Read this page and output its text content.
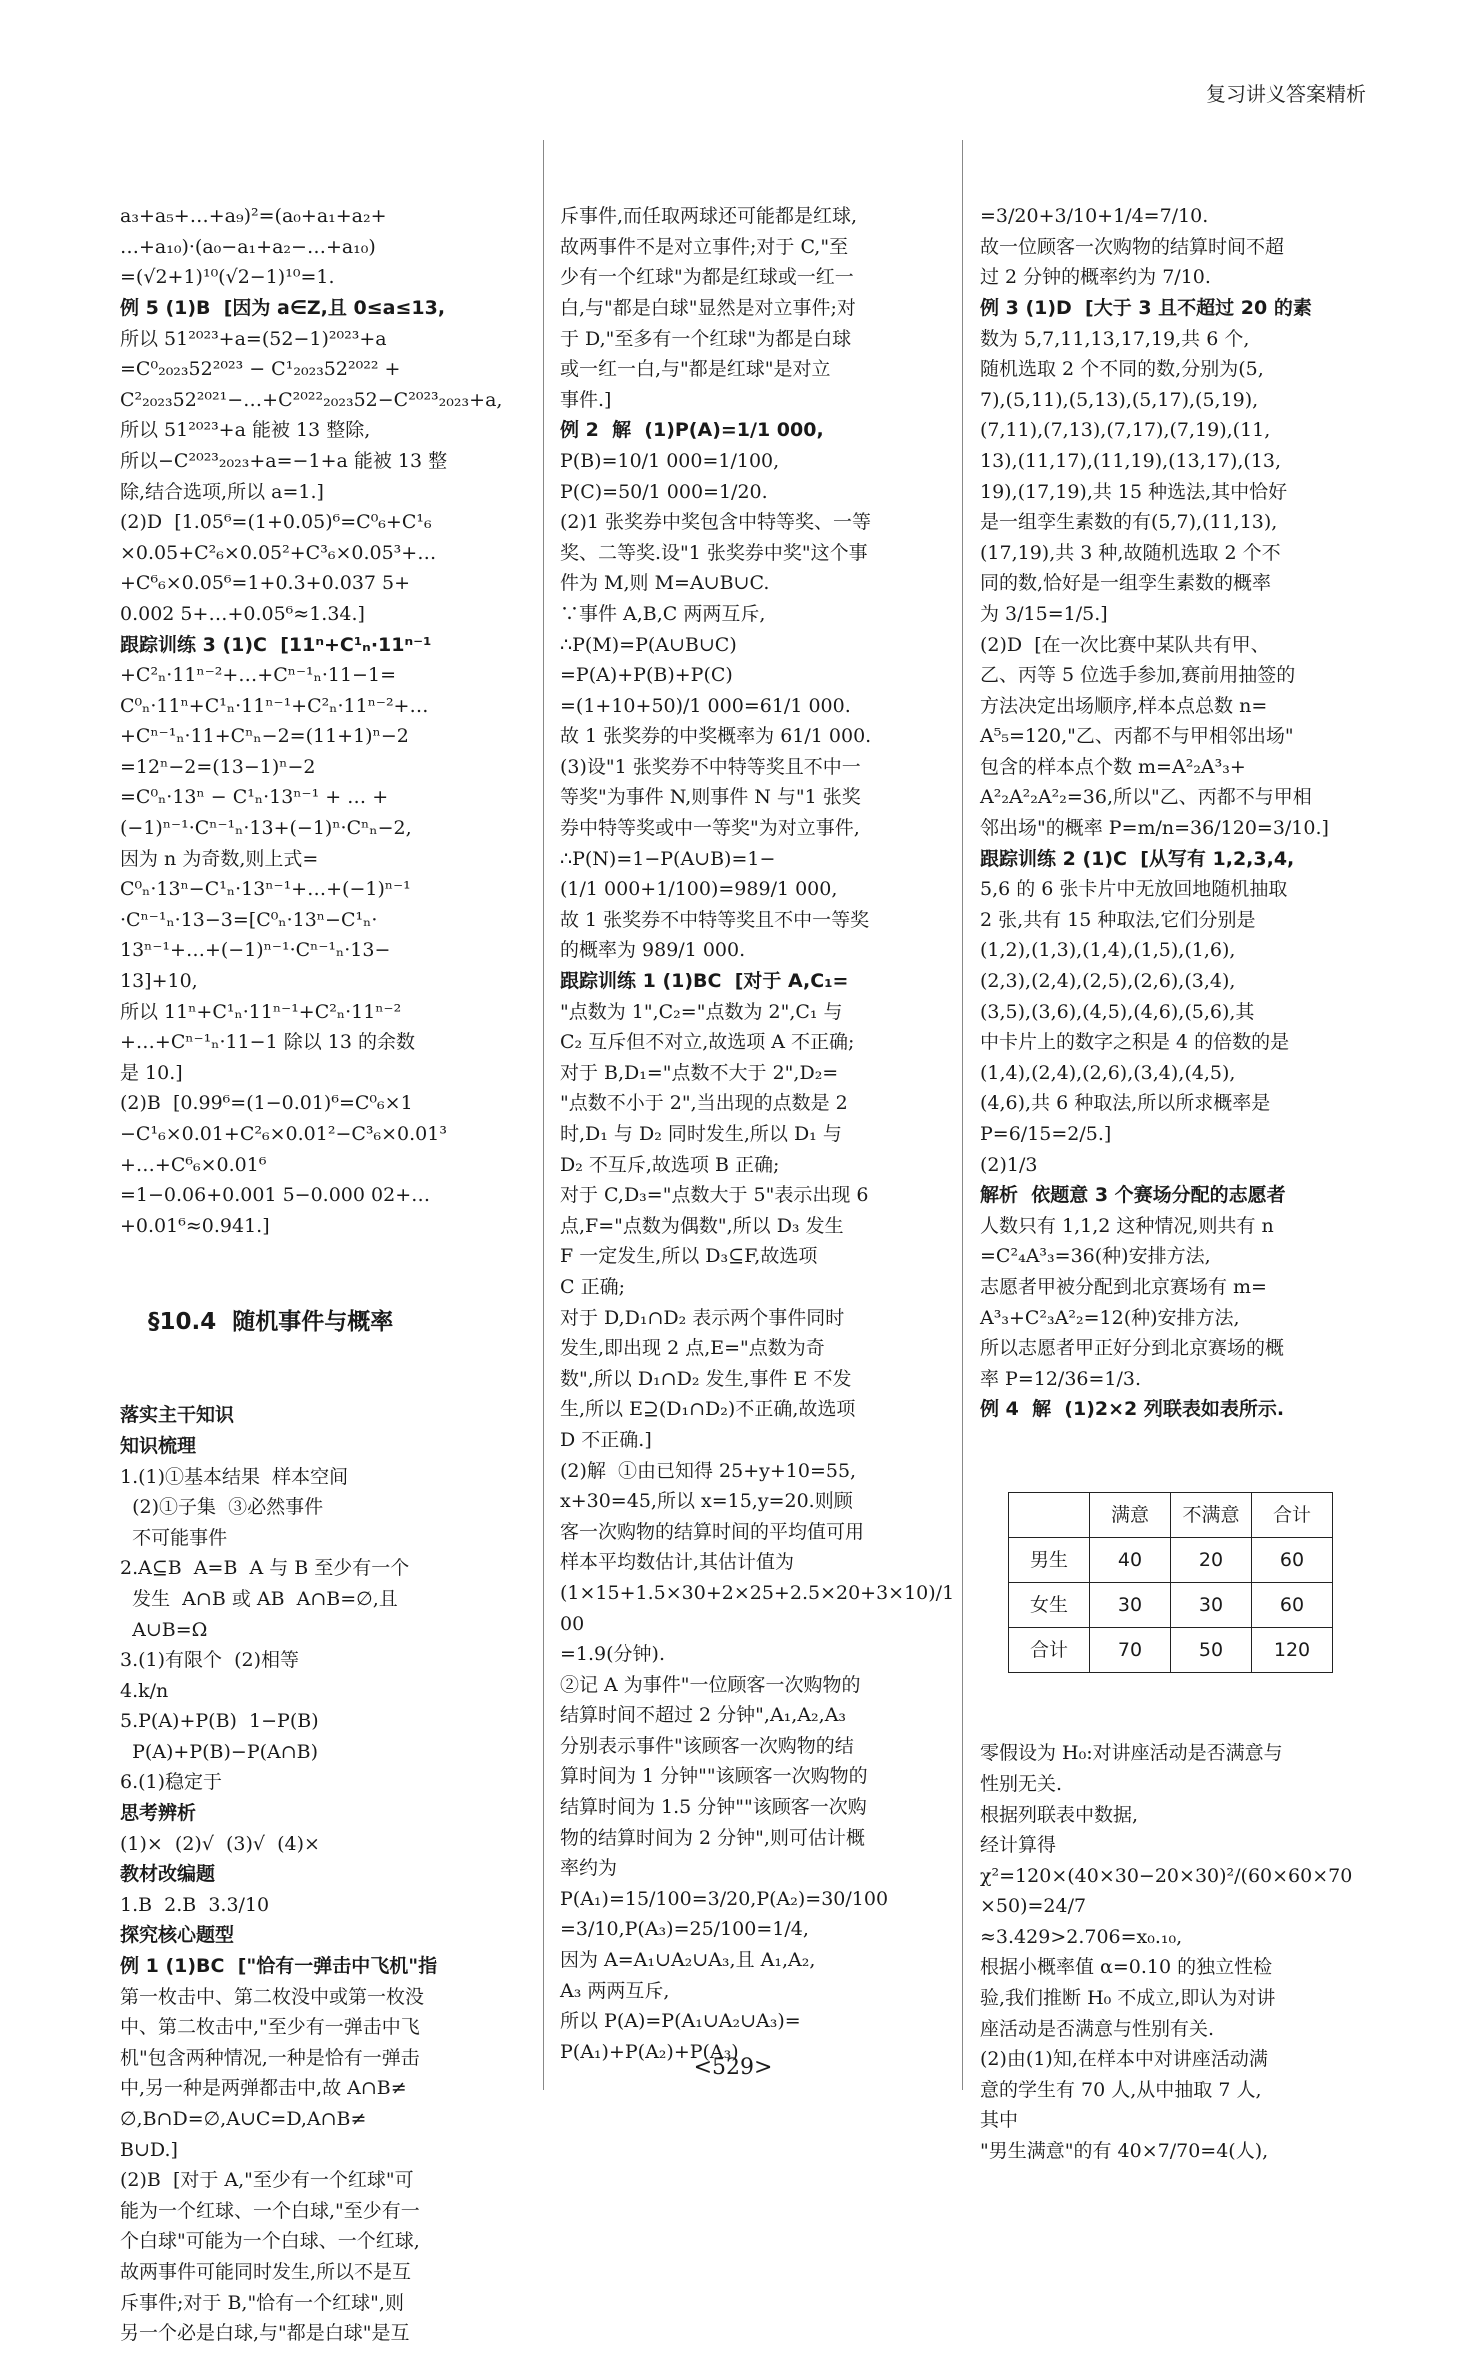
复习讲义答案精析

a₃+a₅+…+a₉)²=(a₀+a₁+a₂+
…+a₁₀)·(a₀−a₁+a₂−…+a₁₀)
=(√2+1)¹⁰(√2−1)¹⁰=1.
例 5 (1)B  [因为 a∈Z,且 0≤a≤13,
所以 51²⁰²³+a=(52−1)²⁰²³+a
=C⁰₂₀₂₃52²⁰²³ − C¹₂₀₂₃52²⁰²² +
C²₂₀₂₃52²⁰²¹−…+C²⁰²²₂₀₂₃52−C²⁰²³₂₀₂₃+a,
所以 51²⁰²³+a 能被 13 整除,
所以−C²⁰²³₂₀₂₃+a=−1+a 能被 13 整
除,结合选项,所以 a=1.]
(2)D  [1.05⁶=(1+0.05)⁶=C⁰₆+C¹₆
×0.05+C²₆×0.05²+C³₆×0.05³+…
+C⁶₆×0.05⁶=1+0.3+0.037 5+
0.002 5+…+0.05⁶≈1.34.]
跟踪训练 3 (1)C  [11ⁿ+C¹ₙ·11ⁿ⁻¹
+C²ₙ·11ⁿ⁻²+…+Cⁿ⁻¹ₙ·11−1=
C⁰ₙ·11ⁿ+C¹ₙ·11ⁿ⁻¹+C²ₙ·11ⁿ⁻²+…
+Cⁿ⁻¹ₙ·11+Cⁿₙ−2=(11+1)ⁿ−2
=12ⁿ−2=(13−1)ⁿ−2
=C⁰ₙ·13ⁿ − C¹ₙ·13ⁿ⁻¹ + … +
(−1)ⁿ⁻¹·Cⁿ⁻¹ₙ·13+(−1)ⁿ·Cⁿₙ−2,
因为 n 为奇数,则上式=
C⁰ₙ·13ⁿ−C¹ₙ·13ⁿ⁻¹+…+(−1)ⁿ⁻¹
·Cⁿ⁻¹ₙ·13−3=[C⁰ₙ·13ⁿ−C¹ₙ·
13ⁿ⁻¹+…+(−1)ⁿ⁻¹·Cⁿ⁻¹ₙ·13−
13]+10,
所以 11ⁿ+C¹ₙ·11ⁿ⁻¹+C²ₙ·11ⁿ⁻²
+…+Cⁿ⁻¹ₙ·11−1 除以 13 的余数
是 10.]
(2)B  [0.99⁶=(1−0.01)⁶=C⁰₆×1
−C¹₆×0.01+C²₆×0.01²−C³₆×0.01³
+…+C⁶₆×0.01⁶
=1−0.06+0.001 5−0.000 02+…
+0.01⁶≈0.941.]

§10.4  随机事件与概率

落实主干知识
知识梳理
1.(1)①基本结果  样本空间
(2)①子集  ③必然事件
不可能事件
2.A⊆B  A=B  A 与 B 至少有一个
发生  A∩B 或 AB  A∩B=∅,且
A∪B=Ω
3.(1)有限个  (2)相等
4.k/n
5.P(A)+P(B)  1−P(B)
P(A)+P(B)−P(A∩B)
6.(1)稳定于
思考辨析
(1)×  (2)√  (3)√  (4)×
教材改编题
1.B  2.B  3.3/10
探究核心题型
例 1 (1)BC  ["恰有一弹击中飞机"指
第一枚击中、第二枚没中或第一枚没
中、第二枚击中,"至少有一弹击中飞
机"包含两种情况,一种是恰有一弹击
中,另一种是两弹都击中,故 A∩B≠
∅,B∩D=∅,A∪C=D,A∩B≠
B∪D.]
(2)B  [对于 A,"至少有一个红球"可
能为一个红球、一个白球,"至少有一
个白球"可能为一个白球、一个红球,
故两事件可能同时发生,所以不是互
斥事件;对于 B,"恰有一个红球",则
另一个必是白球,与"都是白球"是互

斥事件,而任取两球还可能都是红球,
故两事件不是对立事件;对于 C,"至
少有一个红球"为都是红球或一红一
白,与"都是白球"显然是对立事件;对
于 D,"至多有一个红球"为都是白球
或一红一白,与"都是红球"是对立
事件.]
例 2  解  (1)P(A)=1/1 000,
P(B)=10/1 000=1/100,
P(C)=50/1 000=1/20.
(2)1 张奖券中奖包含中特等奖、一等
奖、二等奖.设"1 张奖券中奖"这个事
件为 M,则 M=A∪B∪C.
∵事件 A,B,C 两两互斥,
∴P(M)=P(A∪B∪C)
=P(A)+P(B)+P(C)
=(1+10+50)/1 000=61/1 000.
故 1 张奖券的中奖概率为 61/1 000.
(3)设"1 张奖券不中特等奖且不中一
等奖"为事件 N,则事件 N 与"1 张奖
券中特等奖或中一等奖"为对立事件,
∴P(N)=1−P(A∪B)=1−
(1/1 000+1/100)=989/1 000,
故 1 张奖券不中特等奖且不中一等奖
的概率为 989/1 000.
跟踪训练 1 (1)BC  [对于 A,C₁=
"点数为 1",C₂="点数为 2",C₁ 与
C₂ 互斥但不对立,故选项 A 不正确;
对于 B,D₁="点数不大于 2",D₂=
"点数不小于 2",当出现的点数是 2
时,D₁ 与 D₂ 同时发生,所以 D₁ 与
D₂ 不互斥,故选项 B 正确;
对于 C,D₃="点数大于 5"表示出现 6
点,F="点数为偶数",所以 D₃ 发生
F 一定发生,所以 D₃⊆F,故选项
C 正确;
对于 D,D₁∩D₂ 表示两个事件同时
发生,即出现 2 点,E="点数为奇
数",所以 D₁∩D₂ 发生,事件 E 不发
生,所以 E⊇(D₁∩D₂)不正确,故选项
D 不正确.]
(2)解  ①由已知得 25+y+10=55,
x+30=45,所以 x=15,y=20.则顾
客一次购物的结算时间的平均值可用
样本平均数估计,其估计值为
(1×15+1.5×30+2×25+2.5×20+3×10)/100
=1.9(分钟).
②记 A 为事件"一位顾客一次购物的
结算时间不超过 2 分钟",A₁,A₂,A₃
分别表示事件"该顾客一次购物的结
算时间为 1 分钟""该顾客一次购物的
结算时间为 1.5 分钟""该顾客一次购
物的结算时间为 2 分钟",则可估计概
率约为
P(A₁)=15/100=3/20,P(A₂)=30/100
=3/10,P(A₃)=25/100=1/4,
因为 A=A₁∪A₂∪A₃,且 A₁,A₂,
A₃ 两两互斥,
所以 P(A)=P(A₁∪A₂∪A₃)=
P(A₁)+P(A₂)+P(A₃)

=3/20+3/10+1/4=7/10.
故一位顾客一次购物的结算时间不超
过 2 分钟的概率约为 7/10.
例 3 (1)D  [大于 3 且不超过 20 的素
数为 5,7,11,13,17,19,共 6 个,
随机选取 2 个不同的数,分别为(5,
7),(5,11),(5,13),(5,17),(5,19),
(7,11),(7,13),(7,17),(7,19),(11,
13),(11,17),(11,19),(13,17),(13,
19),(17,19),共 15 种选法,其中恰好
是一组孪生素数的有(5,7),(11,13),
(17,19),共 3 种,故随机选取 2 个不
同的数,恰好是一组孪生素数的概率
为 3/15=1/5.]
(2)D  [在一次比赛中某队共有甲、
乙、丙等 5 位选手参加,赛前用抽签的
方法决定出场顺序,样本点总数 n=
A⁵₅=120,"乙、丙都不与甲相邻出场"
包含的样本点个数 m=A²₂A³₃+
A²₂A²₂A²₂=36,所以"乙、丙都不与甲相
邻出场"的概率 P=m/n=36/120=3/10.]
跟踪训练 2 (1)C  [从写有 1,2,3,4,
5,6 的 6 张卡片中无放回地随机抽取
2 张,共有 15 种取法,它们分别是
(1,2),(1,3),(1,4),(1,5),(1,6),
(2,3),(2,4),(2,5),(2,6),(3,4),
(3,5),(3,6),(4,5),(4,6),(5,6),其
中卡片上的数字之积是 4 的倍数的是
(1,4),(2,4),(2,6),(3,4),(4,5),
(4,6),共 6 种取法,所以所求概率是
P=6/15=2/5.]
(2)1/3
解析  依题意 3 个赛场分配的志愿者
人数只有 1,1,2 这种情况,则共有 n
=C²₄A³₃=36(种)安排方法,
志愿者甲被分配到北京赛场有 m=
A³₃+C²₃A²₂=12(种)安排方法,
所以志愿者甲正好分到北京赛场的概
率 P=12/36=1/3.
例 4  解  (1)2×2 列联表如表所示.

	满意	不满意	合计
男生	40	20	60
女生	30	30	60
合计	70	50	120

零假设为 H₀:对讲座活动是否满意与
性别无关.
根据列联表中数据,
经计算得
χ²=120×(40×30−20×30)²/(60×60×70×50)=24/7
≈3.429>2.706=x₀.₁₀,
根据小概率值 α=0.10 的独立性检
验,我们推断 H₀ 不成立,即认为对讲
座活动是否满意与性别有关.
(2)由(1)知,在样本中对讲座活动满
意的学生有 70 人,从中抽取 7 人,
其中
"男生满意"的有 40×7/70=4(人),

<529>
